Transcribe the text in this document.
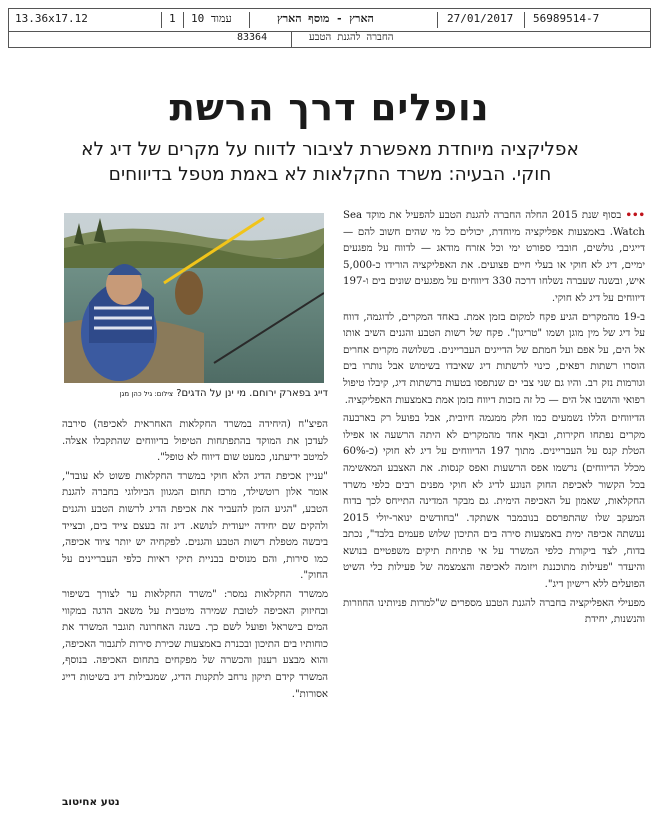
13.36x17.12	1 עמוד 10	הארץ - מוסף הארץ	27/01/2017 56989514-7
83364	החברה להגנת הטבע
נופלים דרך הרשת
אפליקציה מיוחדת מאפשרת לציבור לדווח על מקרים של דיג לא
חוקי. הבעיה: משרד החקלאות לא באמת מטפל בדיווחים
דייג בפארק ירוחם. מי ינן על הדגים? צילום: גיל כהן מגן

••• בסוף שנת 2015 החלה החברה להגנת הטבע להפעיל את מוקד Sea Watch. באמצעות אפליקציה מיוחדת, יכולים כל מי שהים חשוב להם — דייגים, גולשים, חובבי ספורט ימי וכל אזרח מודאג — לדווח על מפגעים ימיים, דיג לא חוקי או בעלי חיים פצועים. את האפליקציה הורידו כ-5,000 איש, ובשנה שעברה נשלחו דרכה 330 דיווחים על מפגעים שונים בים ו-197 דיווחים על דיג לא חוקי.

ב-19 מהמקרים הגיע פקח למקום בזמן אמת. באחד המקרים, לדוגמה, דווח על דיג של מין מוגן ושמו "טריגון". פקח של רשות הטבע והגנים השיב אותו אל הים, על אפם ועל חמתם של הדייגים העבריינים. בשלושה מקרים אחרים הוסרו רשתות רפאים, כינוי לרשתות דיג שאיבדו בשימוש אבל נותרו בים וגורמות נזק רב. והיו גם שני צבי ים שנתפסו בטעות ברשתות דיג, קיבלו טיפול רפואי והושבו אל הים — כל זה בזכות דיווח בזמן אמת באמצעות האפליקציה.

הדיווחים הללו נשמעים כמו חלק ממגמה חיובית, אבל בפועל רק בארבעה מקרים נפתחו חקירות, ובאף אחד מהמקרים לא היתה הרשעה או אפילו הטלת קנס על העבריינים. מתוך 197 הדיווחים על דיג לא חוקי (כ-60% מכלל הדיווחים) נרשמו אפס הרשעות ואפס קנסות. את האצבע המאשימה בכל הקשור לאכיפת החוק הנוגע לדיג לא חוקי מפנים רבים כלפי משרד החקלאות, שאמון על האכיפה הימית. גם מבקר המדינה התייחס לכך בדוח המעקב שלו שהתפרסם בנובמבר אשתקד. "בחודשים ינואר-יולי 2015 נעשתה אכיפה ימית באמצעות סירה בים התיכון שלוש פעמים בלבד", נכתב בדוח, לצד ביקורת כלפי המשרד על אי פתיחת תיקים משפטיים בנושא והיעדר "פעילות מתוכננת ויזומה לאכיפה והצמצמה של פעילות כלי השיט הפועלים ללא רישיון דיג".

מפעילי האפליקציה בחברה להגנת הטבע מספרים ש"למרות פניותינו החוזרות והנשנות, יחידת

הפיצ"ח (היחידה במשרד החקלאות האחראית לאכיפה) סירבה לעדכן את המוקד בהתפתחות הטיפול בדיווחים שהתקבלו אצלה. למיטב ידיעתנו, כמעט שום דיווח לא טופל".

"עניין אכיפת הדיג הלא חוקי במשרד החקלאות פשוט לא עובד", אומר אלון רוטשילד, מרכז תחום המגוון הביולוגי בחברה להגנת הטבע, "הגיע הזמן להעביר את אכיפת הדיג לרשות הטבע והגנים ולהקים שם יחידה ייעודית לנושא. דיג זה בעצם צייד בים, ובצייד ביבשה מטפלת רשות הטבע והגנים. לפקחיה יש יותר ציוד אכיפה, כמו סירות, והם מנוסים בבניית תיקי ראיות כלפי העבריינים על החוק".

ממשרד החקלאות נמסר: "משרד החקלאות ער לצורך בשיפור ובחיזוק האכיפה לטובת שמירה מיטבית על משאב הדגה במקווי המים בישראל ופועל לשם כך. בשנה האחרונה תוגבר המשרד את כוחותיו בים התיכון ובכנרת באמצעות שכירת סירות לתגבור האכיפה, והוא מבצע רענון והכשרה של מפקחים בתחום האכיפה. בנוסף, המשרד קידם תיקון נרחב לתקנות הדיג, שמגבילות דיג בשיטות דייג אסורות".

נטע אחיטוב
